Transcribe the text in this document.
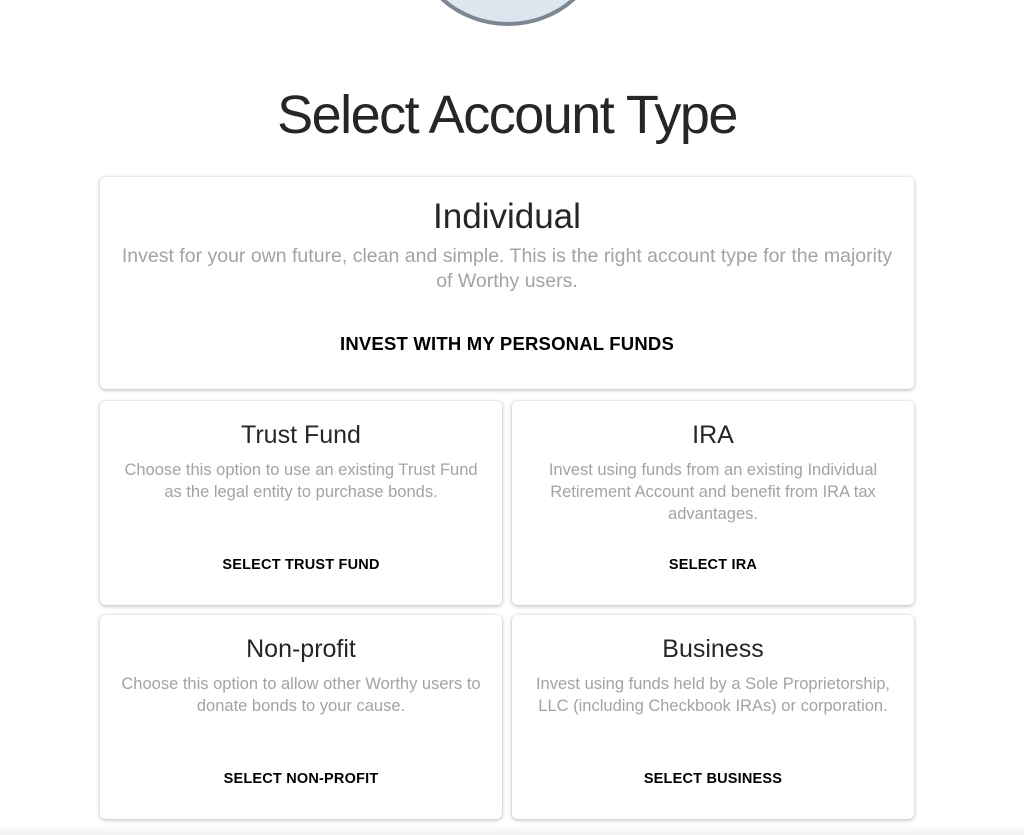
Select Account Type
Individual
Invest for your own future, clean and simple. This is the right account type for the majority of Worthy users.
INVEST WITH MY PERSONAL FUNDS
Trust Fund
Choose this option to use an existing Trust Fund as the legal entity to purchase bonds.
SELECT TRUST FUND
IRA
Invest using funds from an existing Individual Retirement Account and benefit from IRA tax advantages.
SELECT IRA
Non-profit
Choose this option to allow other Worthy users to donate bonds to your cause.
SELECT NON-PROFIT
Business
Invest using funds held by a Sole Proprietorship, LLC (including Checkbook IRAs) or corporation.
SELECT BUSINESS
